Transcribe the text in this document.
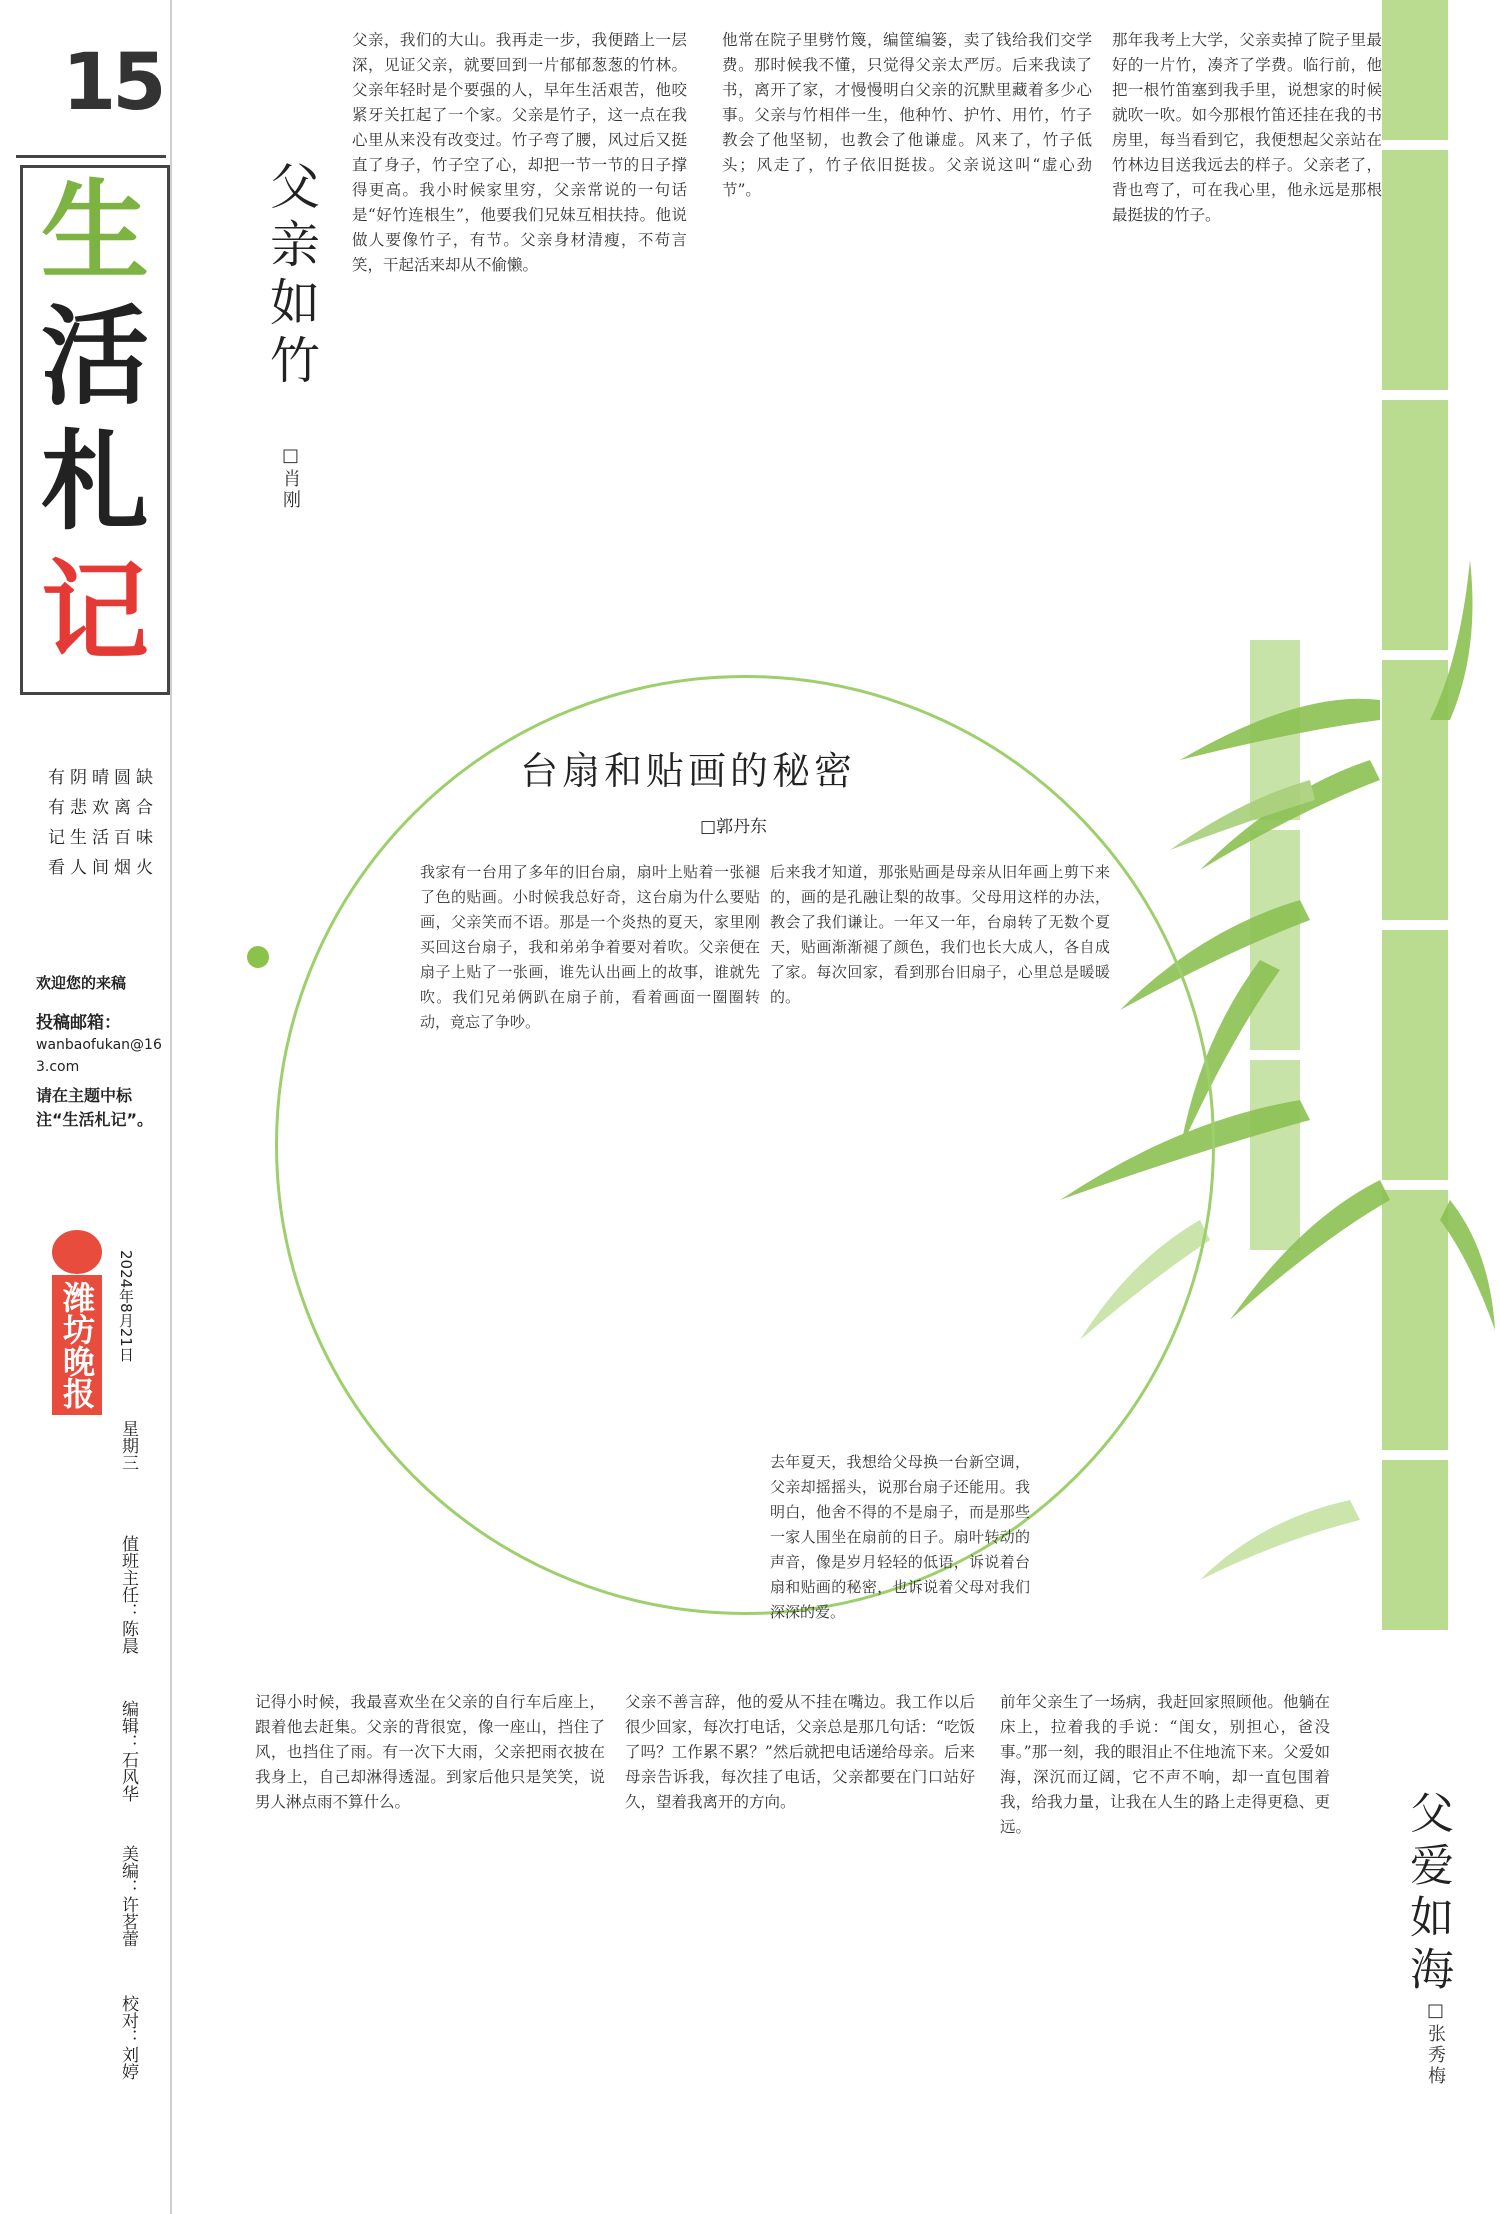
15
生
活
札
记
有阴晴圆缺
有悲欢离合
记生活百味
看人间烟火
欢迎您的来稿
投稿邮箱：
wanbaofukan@163.com
请在主题中标注“生活札记”。
潍坊晚报	2024年8月21日
星期三
值班主任：陈晨
编辑：石风华
美编：许茗蕾
校对：刘婷
父亲如竹
□肖刚
父亲，我们的大山。我再走一步，我便踏上一层深，见证父亲，就要回到一片郁郁葱葱的竹林。父亲年轻时是个要强的人，早年生活艰苦，他咬紧牙关扛起了一个家。父亲是竹子，这一点在我心里从来没有改变过。竹子弯了腰，风过后又挺直了身子，竹子空了心，却把一节一节的日子撑得更高。我小时候家里穷，父亲常说的一句话是“好竹连根生”，他要我们兄妹互相扶持。他说做人要像竹子，有节。父亲身材清瘦，不苟言笑，干起活来却从不偷懒。
他常在院子里劈竹篾，编筐编篓，卖了钱给我们交学费。那时候我不懂，只觉得父亲太严厉。后来我读了书，离开了家，才慢慢明白父亲的沉默里藏着多少心事。父亲与竹相伴一生，他种竹、护竹、用竹，竹子教会了他坚韧，也教会了他谦虚。风来了，竹子低头；风走了，竹子依旧挺拔。父亲说这叫“虚心劲节”。
那年我考上大学，父亲卖掉了院子里最好的一片竹，凑齐了学费。临行前，他把一根竹笛塞到我手里，说想家的时候就吹一吹。如今那根竹笛还挂在我的书房里，每当看到它，我便想起父亲站在竹林边目送我远去的样子。父亲老了，背也弯了，可在我心里，他永远是那根最挺拔的竹子。
台扇和贴画的秘密
□郭丹东
我家有一台用了多年的旧台扇，扇叶上贴着一张褪了色的贴画。小时候我总好奇，这台扇为什么要贴画，父亲笑而不语。那是一个炎热的夏天，家里刚买回这台扇子，我和弟弟争着要对着吹。父亲便在扇子上贴了一张画，谁先认出画上的故事，谁就先吹。我们兄弟俩趴在扇子前，看着画面一圈圈转动，竟忘了争吵。
后来我才知道，那张贴画是母亲从旧年画上剪下来的，画的是孔融让梨的故事。父母用这样的办法，教会了我们谦让。一年又一年，台扇转了无数个夏天，贴画渐渐褪了颜色，我们也长大成人，各自成了家。每次回家，看到那台旧扇子，心里总是暖暖的。
去年夏天，我想给父母换一台新空调，父亲却摇摇头，说那台扇子还能用。我明白，他舍不得的不是扇子，而是那些一家人围坐在扇前的日子。扇叶转动的声音，像是岁月轻轻的低语，诉说着台扇和贴画的秘密，也诉说着父母对我们深深的爱。
记得小时候，我最喜欢坐在父亲的自行车后座上，跟着他去赶集。父亲的背很宽，像一座山，挡住了风，也挡住了雨。有一次下大雨，父亲把雨衣披在我身上，自己却淋得透湿。到家后他只是笑笑，说男人淋点雨不算什么。
父亲不善言辞，他的爱从不挂在嘴边。我工作以后很少回家，每次打电话，父亲总是那几句话：“吃饭了吗？工作累不累？”然后就把电话递给母亲。后来母亲告诉我，每次挂了电话，父亲都要在门口站好久，望着我离开的方向。
前年父亲生了一场病，我赶回家照顾他。他躺在床上，拉着我的手说：“闺女，别担心，爸没事。”那一刻，我的眼泪止不住地流下来。父爱如海，深沉而辽阔，它不声不响，却一直包围着我，给我力量，让我在人生的路上走得更稳、更远。	父爱如海
□张秀梅
